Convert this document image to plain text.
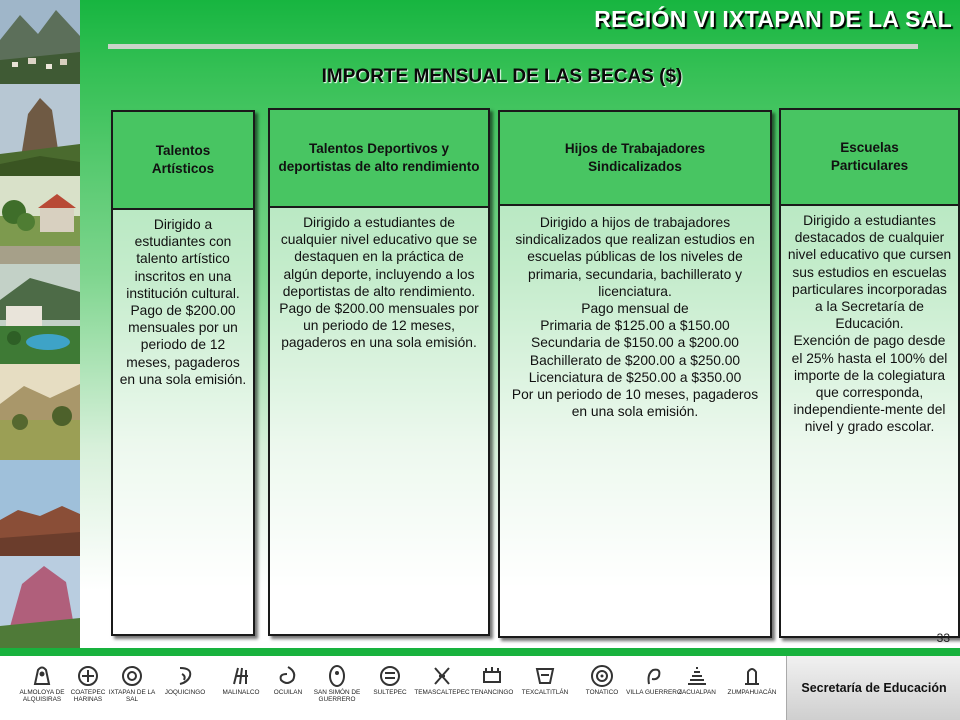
REGIÓN VI IXTAPAN DE LA SAL
IMPORTE MENSUAL DE LAS BECAS ($)
Talentos
Artísticos
Dirigido a estudiantes con talento artístico inscritos en una institución cultural.
Pago de $200.00 mensuales por un periodo de 12 meses, pagaderos en una sola emisión.
Talentos Deportivos y deportistas de alto rendimiento
Dirigido a estudiantes de cualquier nivel educativo que se destaquen en la práctica de algún deporte, incluyendo a los deportistas de alto rendimiento.
Pago de $200.00 mensuales por un periodo de 12 meses, pagaderos en una sola emisión.
Hijos de Trabajadores
Sindicalizados
Dirigido a hijos de trabajadores sindicalizados que realizan estudios en escuelas públicas de los niveles de primaria, secundaria, bachillerato y licenciatura.
Pago mensual de
Primaria de $125.00 a $150.00
Secundaria de $150.00 a $200.00
Bachillerato de $200.00 a $250.00
Licenciatura de $250.00 a $350.00
Por un periodo de 10 meses, pagaderos en una sola emisión.
Escuelas
Particulares
Dirigido a estudiantes destacados de cualquier nivel educativo que cursen sus estudios en escuelas particulares incorporadas a la Secretaría de Educación.
Exención de pago desde el 25% hasta el 100% del importe de la colegiatura que corresponda, independiente-mente del nivel y grado escolar.
33
ALMOLOYA DE ALQUISIRAS
COATEPEC HARINAS
IXTAPAN DE LA SAL
JOQUICINGO	MALINALCO	OCUILAN	SAN SIMÓN DE GUERRERO
SULTEPEC	TEMASCALTEPEC TENANCINGO	TEXCALTITLÁN	TONATICO	VILLA GUERRERO
ZACUALPAN	ZUMPAHUACÁN	Secretaría de Educación
